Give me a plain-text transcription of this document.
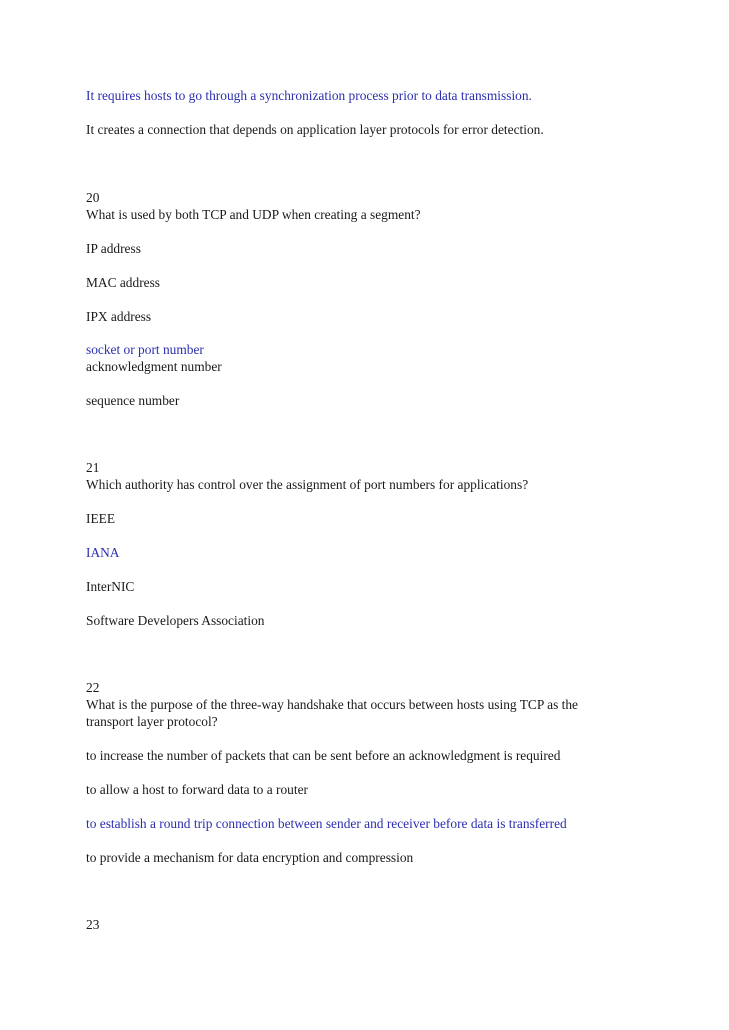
It requires hosts to go through a synchronization process prior to data transmission.
It creates a connection that depends on application layer protocols for error detection.
20
What is used by both TCP and UDP when creating a segment?
IP address
MAC address
IPX address
socket or port number
acknowledgment number
sequence number
21
Which authority has control over the assignment of port numbers for applications?
IEEE
IANA
InterNIC
Software Developers Association
22
What is the purpose of the three-way handshake that occurs between hosts using TCP as the
transport layer protocol?
to increase the number of packets that can be sent before an acknowledgment is required
to allow a host to forward data to a router
to establish a round trip connection between sender and receiver before data is transferred
to provide a mechanism for data encryption and compression
23
